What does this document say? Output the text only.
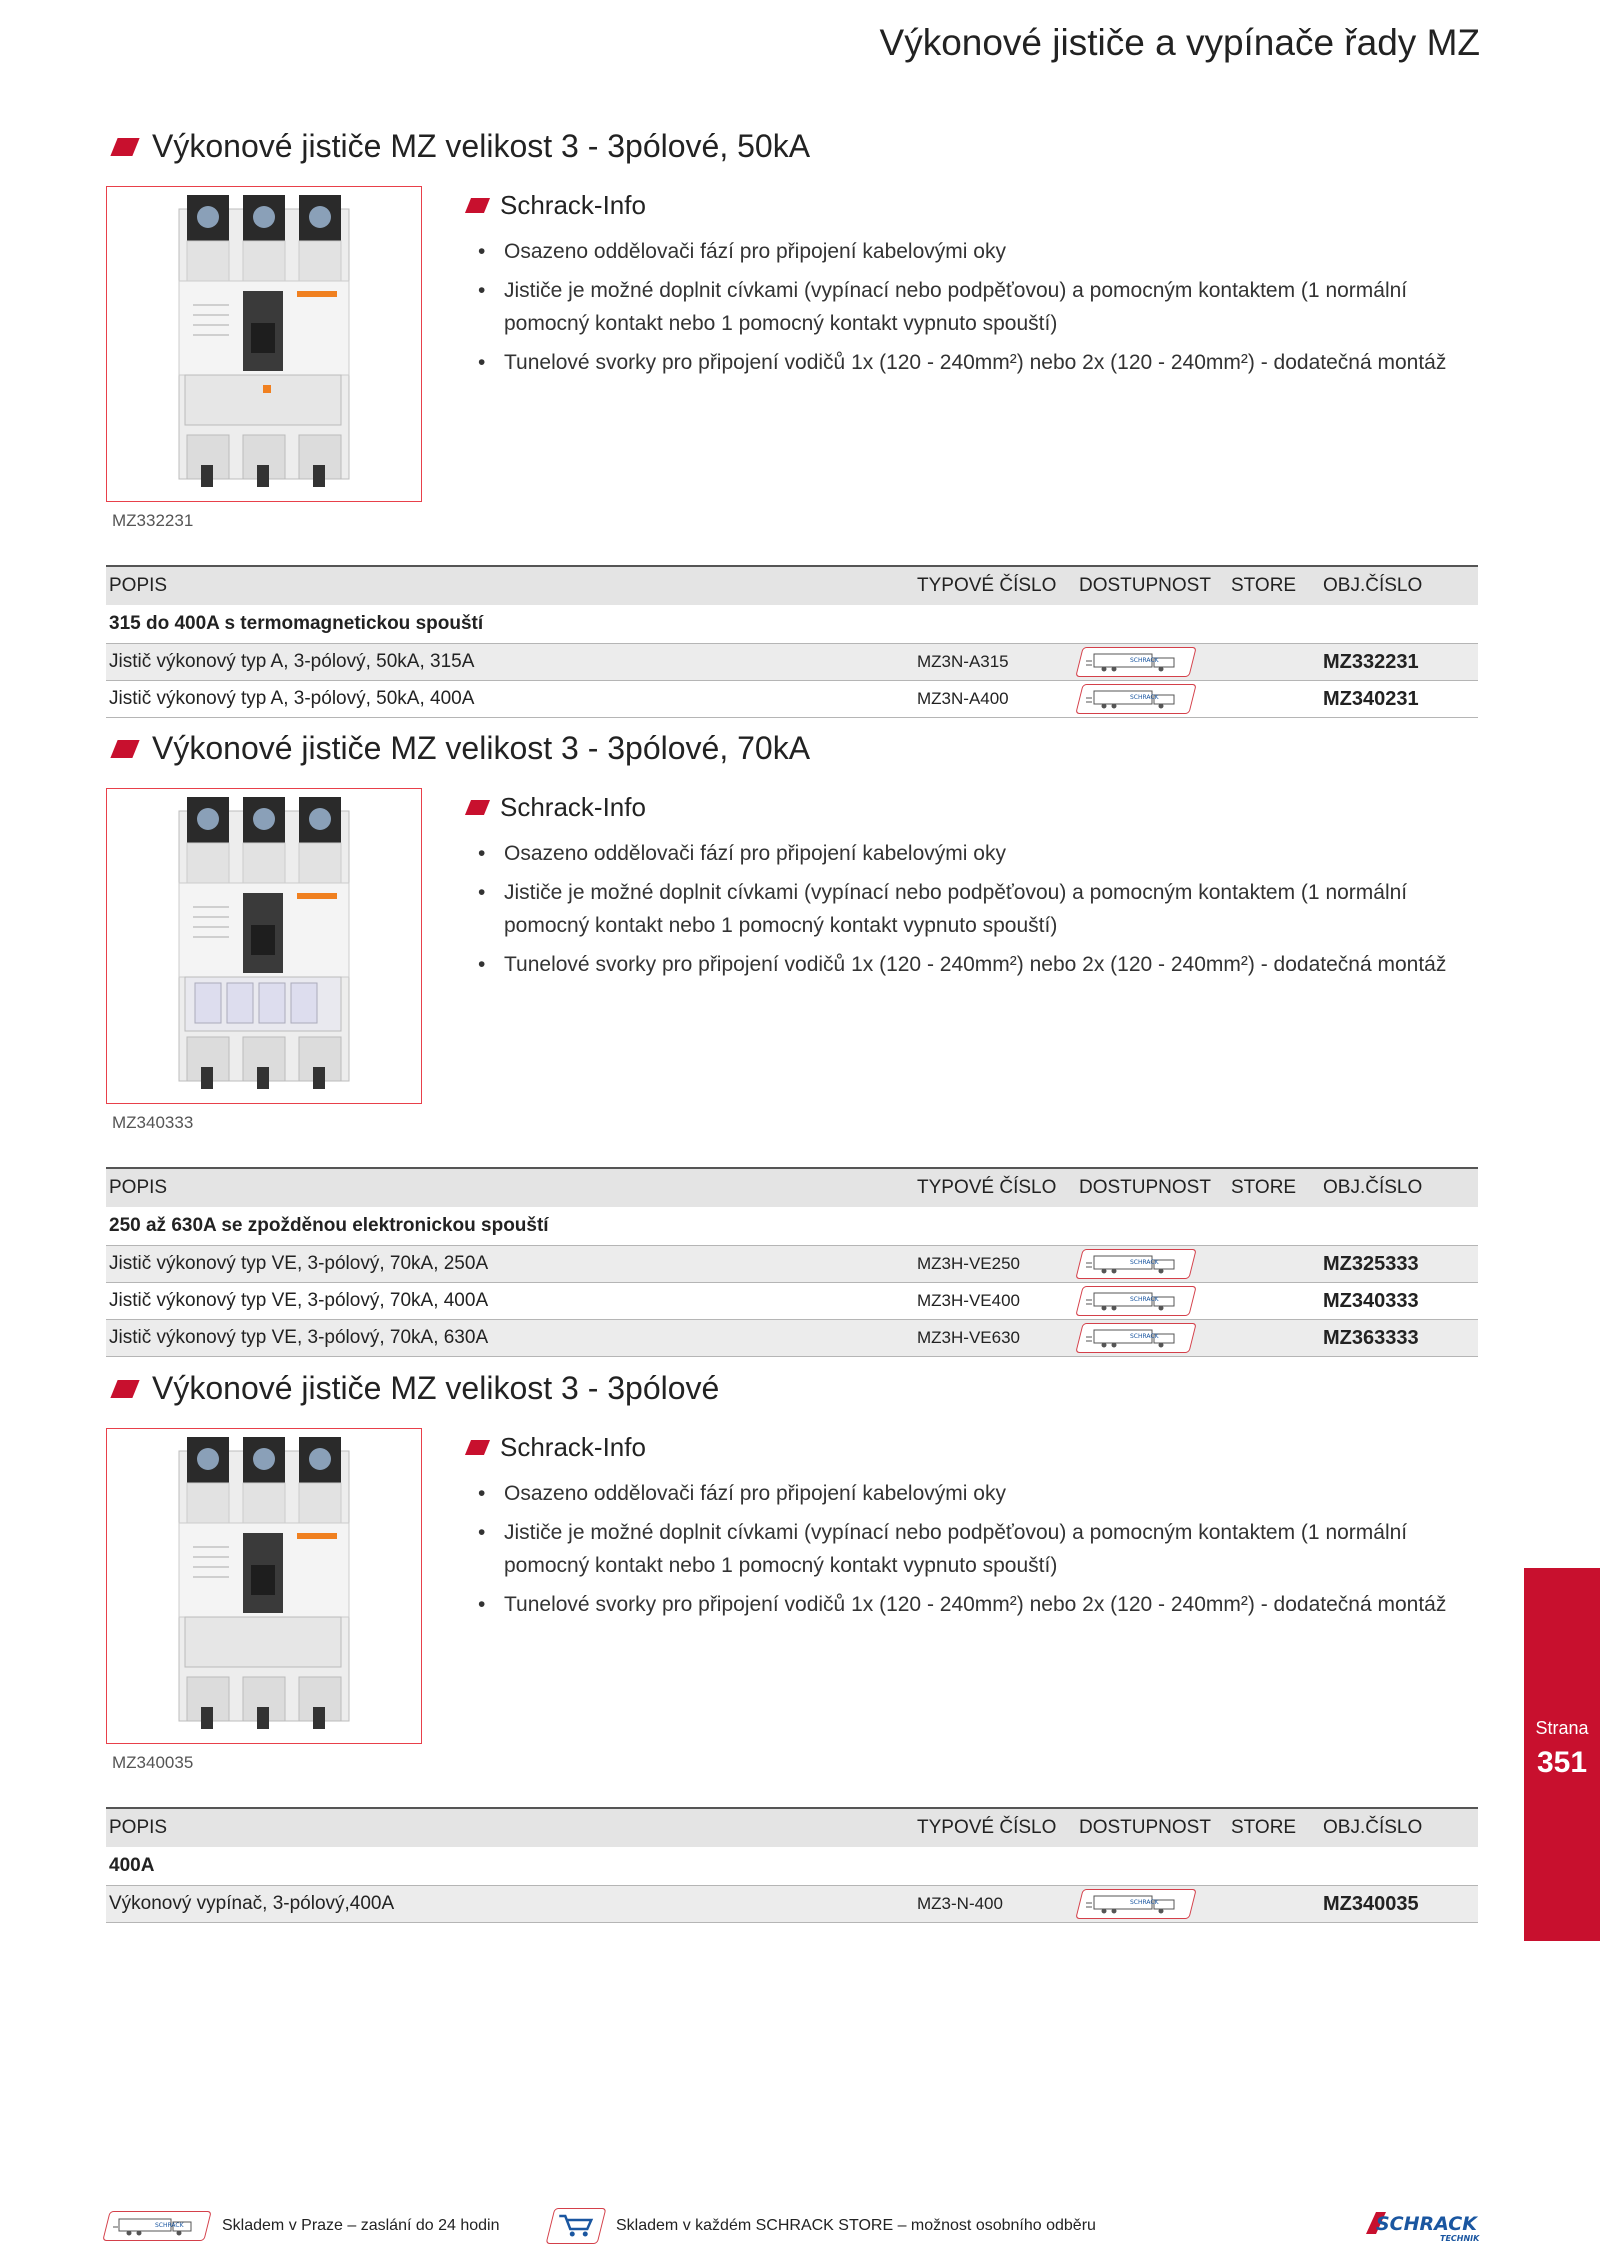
Výkonové jističe a vypínače řady MZ
Výkonové jističe MZ velikost 3 - 3pólové, 50kA
MZ332231
Schrack-Info
• Osazeno oddělovači fází pro připojení kabelovými oky
• Jističe je možné doplnit cívkami (vypínací nebo podpěťovou) a pomocným kontaktem (1 normální pomocný kontakt nebo 1 pomocný kontakt vypnuto spouští)
• Tunelové svorky pro připojení vodičů 1x (120 - 240mm²) nebo 2x (120 - 240mm²) - dodatečná montáž
POPIS	TYPOVÉ ČÍSLO	DOSTUPNOST	STORE	OBJ.ČÍSLO
315 do 400A s termomagnetickou spouští				
Jistič výkonový typ A, 3-pólový, 50kA, 315A	MZ3N-A315	SCHRACK		MZ332231
Jistič výkonový typ A, 3-pólový, 50kA, 400A	MZ3N-A400	SCHRACK		MZ340231
Výkonové jističe MZ velikost 3 - 3pólové, 70kA
MZ340333
Schrack-Info
• Osazeno oddělovači fází pro připojení kabelovými oky
• Jističe je možné doplnit cívkami (vypínací nebo podpěťovou) a pomocným kontaktem (1 normální pomocný kontakt nebo 1 pomocný kontakt vypnuto spouští)
• Tunelové svorky pro připojení vodičů 1x (120 - 240mm²) nebo 2x (120 - 240mm²) - dodatečná montáž
POPIS	TYPOVÉ ČÍSLO	DOSTUPNOST	STORE	OBJ.ČÍSLO
250 až 630A se zpožděnou elektronickou spouští				
Jistič výkonový typ VE, 3-pólový, 70kA, 250A	MZ3H-VE250	SCHRACK		MZ325333
Jistič výkonový typ VE, 3-pólový, 70kA, 400A	MZ3H-VE400	SCHRACK		MZ340333
Jistič výkonový typ VE, 3-pólový, 70kA, 630A	MZ3H-VE630	SCHRACK		MZ363333
Výkonové jističe MZ velikost 3 - 3pólové
MZ340035
Schrack-Info
• Osazeno oddělovači fází pro připojení kabelovými oky
• Jističe je možné doplnit cívkami (vypínací nebo podpěťovou) a pomocným kontaktem (1 normální pomocný kontakt nebo 1 pomocný kontakt vypnuto spouští)
• Tunelové svorky pro připojení vodičů 1x (120 - 240mm²) nebo 2x (120 - 240mm²) - dodatečná montáž
POPIS	TYPOVÉ ČÍSLO	DOSTUPNOST	STORE	OBJ.ČÍSLO
400A				
Výkonový vypínač, 3-pólový,400A	MZ3-N-400	SCHRACK		MZ340035
Strana
351
SCHRACK Skladem v Praze – zaslání do 24 hodin	Skladem v každém SCHRACK STORE – možnost osobního odběru	SCHRACK
TECHNIK
